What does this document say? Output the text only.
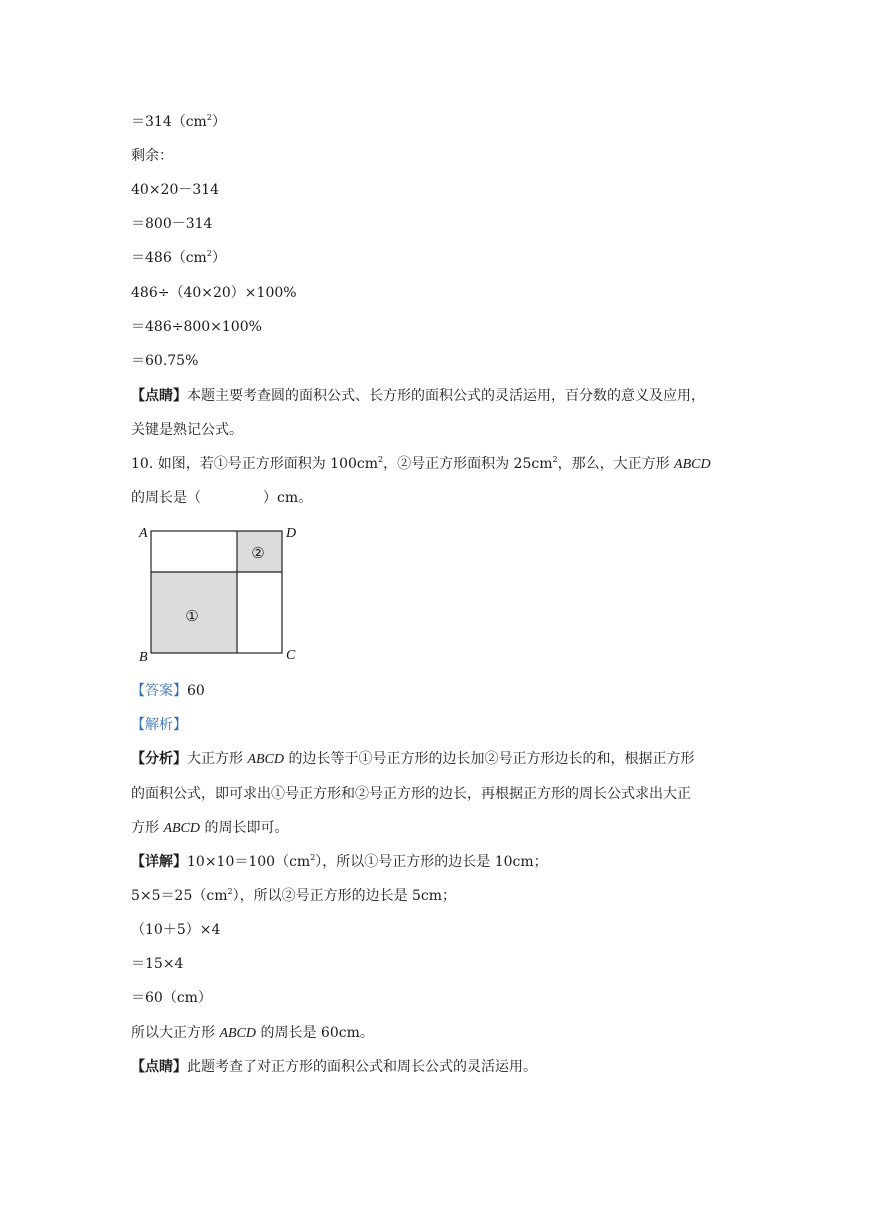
$=314(cm^2)$
剩余：
40×20－314
＝800－314
$=486(cm^2)$
486÷（40×20）×100%
＝486÷800×100%
＝60.75%
【点睛】本题主要考查圆的面积公式、长方形的面积公式的灵活运用，百分数的意义及应用，
关键是熟记公式。
10. 如图，若①号正方形面积为 $100cm^2$，②号正方形面积为 $25cm^2$，那么，大正方形 ABCD
的周长是（	）cm。
①
②
A	D
B	C
【答案】60
【解析】
【分析】大正方形 ABCD 的边长等于①号正方形的边长加②号正方形边长的和，根据正方形
的面积公式，即可求出①号正方形和②号正方形的边长，再根据正方形的周长公式求出大正
方形 ABCD 的周长即可。
【详解】$10\times 10=100(cm^2)$，所以①号正方形的边长是 10cm；
$5\times 5=25(cm^2)$，所以②号正方形的边长是 5cm；
（10＋5）×4
＝15×4
＝60（cm）
所以大正方形 ABCD 的周长是 60cm。
【点睛】此题考查了对正方形的面积公式和周长公式的灵活运用。
